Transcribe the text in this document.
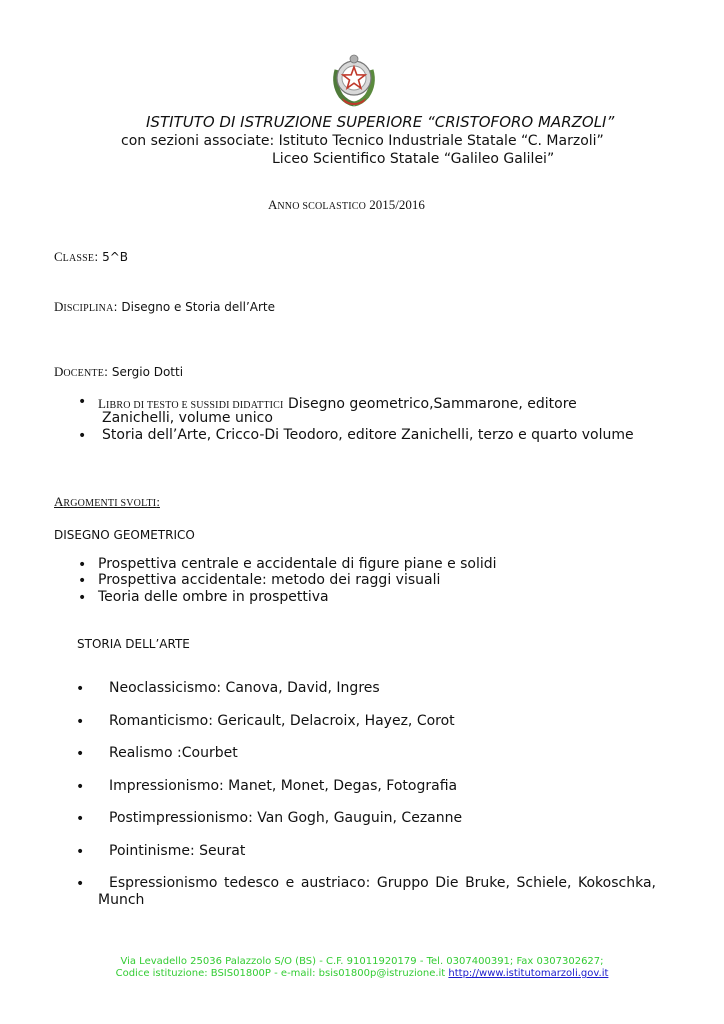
ISTITUTO DI ISTRUZIONE SUPERIORE “CRISTOFORO MARZOLI”
con sezioni associate: Istituto Tecnico Industriale Statale “C. Marzoli”
Liceo Scientifico Statale “Galileo Galilei”
ANNO SCOLASTICO 2015/2016
CLASSE: 5^B
DISCIPLINA: Disegno e Storia dell’Arte
DOCENTE: Sergio Dotti
• LIBRO DI TESTO E SUSSIDI DIDATTICI Disegno geometrico,Sammarone, editore
Zanichelli, volume unico
• Storia dell’Arte, Cricco-Di Teodoro, editore Zanichelli, terzo e quarto volume
ARGOMENTI SVOLTI:
DISEGNO GEOMETRICO
• Prospettiva centrale e accidentale di figure piane e solidi
• Prospettiva accidentale: metodo dei raggi visuali
• Teoria delle ombre in prospettiva
STORIA DELL’ARTE
• Neoclassicismo: Canova, David, Ingres
• Romanticismo: Gericault, Delacroix, Hayez, Corot
• Realismo :Courbet
• Impressionismo: Manet, Monet, Degas, Fotografia
• Postimpressionismo: Van Gogh, Gauguin, Cezanne
• Pointinisme: Seurat
• Espressionismo tedesco e austriaco: Gruppo Die Bruke, Schiele, Kokoschka,
Munch
Via Levadello 25036 Palazzolo S/O (BS) - C.F. 91011920179 - Tel. 0307400391; Fax 0307302627;
Codice istituzione: BSIS01800P - e-mail: bsis01800p@istruzione.it http://www.istitutomarzoli.gov.it
